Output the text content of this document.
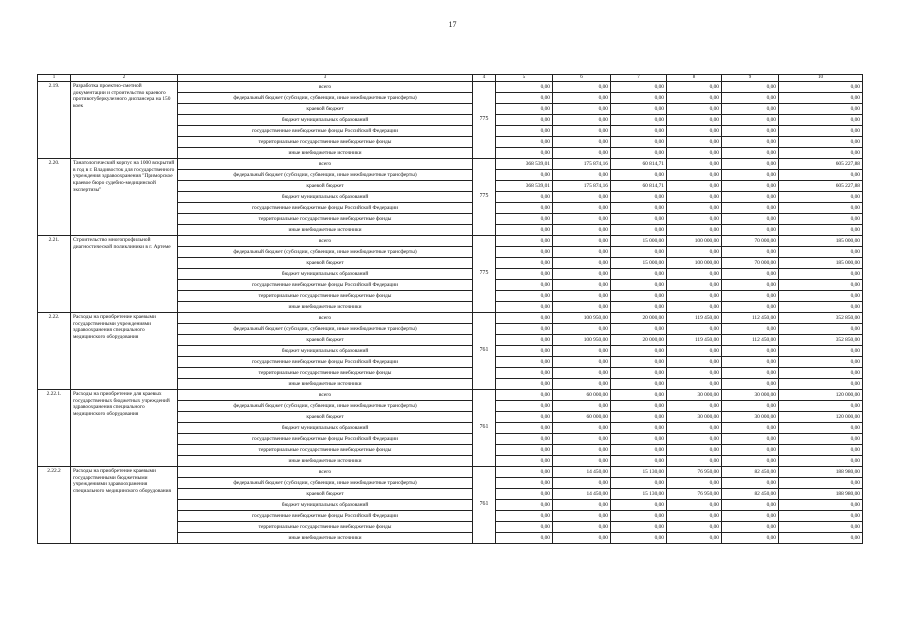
17
1	2	3	4	5	6	7	8	9	10
2.19.	Разработка проектно-сметной документации и строительство краевого противотуберкулезного диспансера на 150 коек	всего	775	0,00	0,00	0,00	0,00	0,00	0,00
		федеральный бюджет (субсидии, субвенции, иные межбюджетные трансферты)		0,00	0,00	0,00	0,00	0,00	0,00
		краевой бюджет		0,00	0,00	0,00	0,00	0,00	0,00
		бюджет муниципальных образований		0,00	0,00	0,00	0,00	0,00	0,00
		государственные внебюджетные фонды Российской Федерации		0,00	0,00	0,00	0,00	0,00	0,00
		территориальные государственные внебюджетные фонды		0,00	0,00	0,00	0,00	0,00	0,00
		иные внебюджетные источники		0,00	0,00	0,00	0,00	0,00	0,00
2.20.	Танатологический корпус на 1000 вскрытий в год в г. Владивосток для государственного учреждения здравоохранения "Приморское краевое бюро судебно-медицинской экспертизы"	всего	775	368 539,01	175 874,16	60 814,71	0,00	0,00	605 227,88
		федеральный бюджет (субсидии, субвенции, иные межбюджетные трансферты)		0,00	0,00	0,00	0,00	0,00	0,00
		краевой бюджет		368 539,01	175 874,16	60 814,71	0,00	0,00	605 227,88
		бюджет муниципальных образований		0,00	0,00	0,00	0,00	0,00	0,00
		государственные внебюджетные фонды Российской Федерации		0,00	0,00	0,00	0,00	0,00	0,00
		территориальные государственные внебюджетные фонды		0,00	0,00	0,00	0,00	0,00	0,00
		иные внебюджетные источники		0,00	0,00	0,00	0,00	0,00	0,00
2.21.	Строительство многопрофильной диагностической поликлиники в г. Артеме	всего	775	0,00	0,00	15 000,00	100 000,00	70 000,00	185 000,00
		федеральный бюджет (субсидии, субвенции, иные межбюджетные трансферты)		0,00	0,00	0,00	0,00	0,00	0,00
		краевой бюджет		0,00	0,00	15 000,00	100 000,00	70 000,00	185 000,00
		бюджет муниципальных образований		0,00	0,00	0,00	0,00	0,00	0,00
		государственные внебюджетные фонды Российской Федерации		0,00	0,00	0,00	0,00	0,00	0,00
		территориальные государственные внебюджетные фонды		0,00	0,00	0,00	0,00	0,00	0,00
		иные внебюджетные источники		0,00	0,00	0,00	0,00	0,00	0,00
2.22.	Расходы на приобретение краевыми государственными учреждениями здравоохранения специального медицинского оборудования	всего	761	0,00	100 950,00	20 000,00	119 450,00	112 450,00	352 850,00
		федеральный бюджет (субсидии, субвенции, иные межбюджетные трансферты)		0,00	0,00	0,00	0,00	0,00	0,00
		краевой бюджет		0,00	100 950,00	20 000,00	119 450,00	112 450,00	352 850,00
		бюджет муниципальных образований		0,00	0,00	0,00	0,00	0,00	0,00
		государственные внебюджетные фонды Российской Федерации		0,00	0,00	0,00	0,00	0,00	0,00
		территориальные государственные внебюджетные фонды		0,00	0,00	0,00	0,00	0,00	0,00
		иные внебюджетные источники		0,00	0,00	0,00	0,00	0,00	0,00
2.22.1.	Расходы на приобретение для краевых государственных бюджетных учреждений здравоохранения специального медицинского оборудования	всего	761	0,00	60 000,00	0,00	30 000,00	30 000,00	120 000,00
		федеральный бюджет (субсидии, субвенции, иные межбюджетные трансферты)		0,00	0,00	0,00	0,00	0,00	0,00
		краевой бюджет		0,00	60 000,00	0,00	30 000,00	30 000,00	120 000,00
		бюджет муниципальных образований		0,00	0,00	0,00	0,00	0,00	0,00
		государственные внебюджетные фонды Российской Федерации		0,00	0,00	0,00	0,00	0,00	0,00
		территориальные государственные внебюджетные фонды		0,00	0,00	0,00	0,00	0,00	0,00
		иные внебюджетные источники		0,00	0,00	0,00	0,00	0,00	0,00
2.22.2	Расходы на приобретение краевыми государственными бюджетными учреждениями здравоохранения специального медицинского оборудования	всего	761	0,00	14 450,00	15 130,00	76 950,00	82 450,00	188 980,00
		федеральный бюджет (субсидии, субвенции, иные межбюджетные трансферты)		0,00	0,00	0,00	0,00	0,00	0,00
		краевой бюджет		0,00	14 450,00	15 130,00	76 950,00	82 450,00	188 980,00
		бюджет муниципальных образований		0,00	0,00	0,00	0,00	0,00	0,00
		государственные внебюджетные фонды Российской Федерации		0,00	0,00	0,00	0,00	0,00	0,00
		территориальные государственные внебюджетные фонды		0,00	0,00	0,00	0,00	0,00	0,00
		иные внебюджетные источники		0,00	0,00	0,00	0,00	0,00	0,00
